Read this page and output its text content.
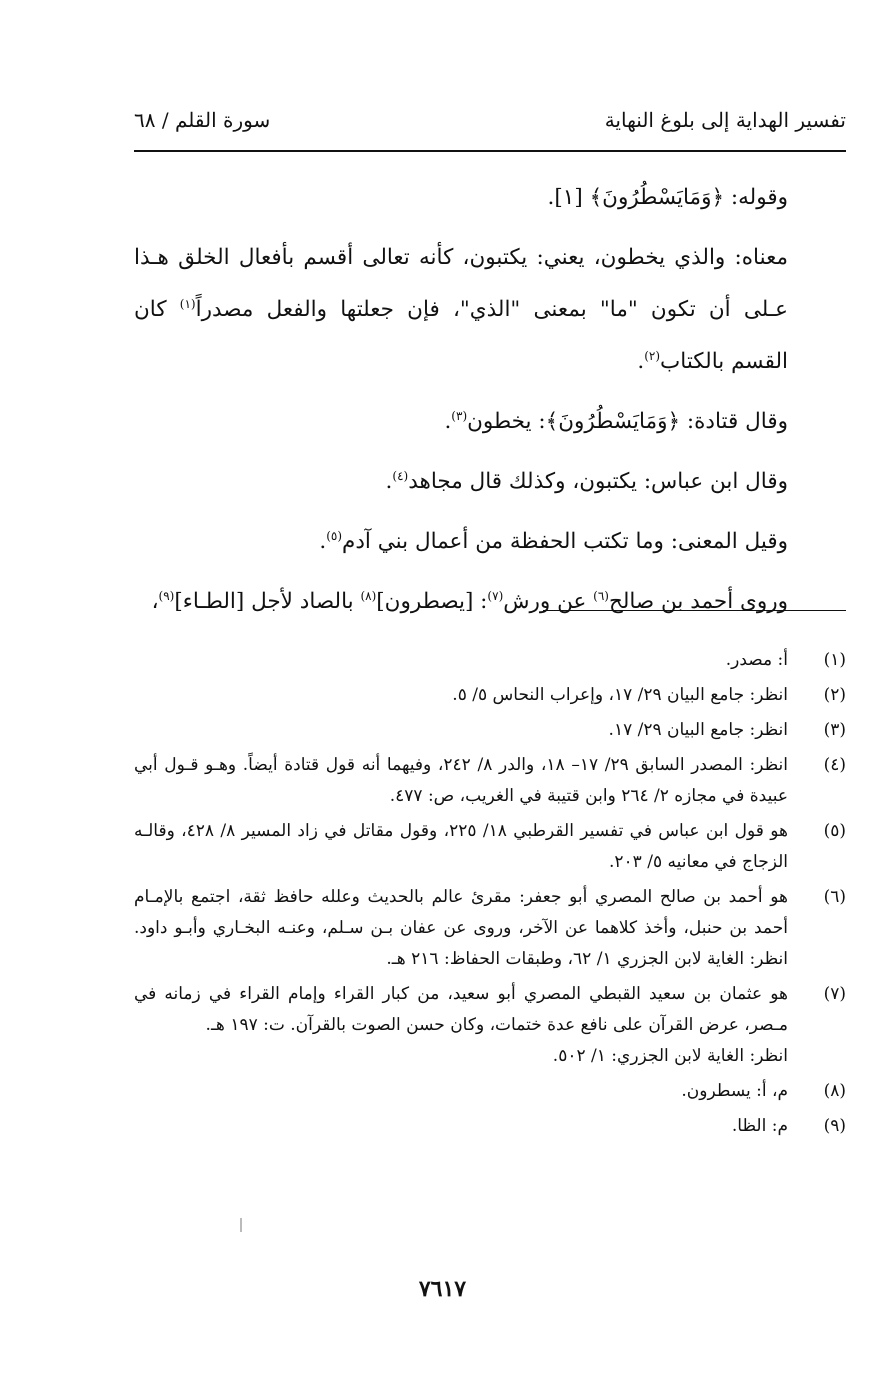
تفسير الهداية إلى بلوغ النهاية
سورة القلم / ٦٨

وقوله: ﴿وَمَايَسْطُرُونَ﴾ [١].

معناه: والذي يخطون، يعني: يكتبون، كأنه تعالى أقسم بأفعال الخلق هـذا عـلى أن تكون "ما" بمعنى "الذي"، فإن جعلتها والفعل مصدراً$^{(١)}$ كان القسم بالكتاب$^{(٢)}$.

وقال قتادة: ﴿وَمَايَسْطُرُونَ﴾: يخطون$^{(٣)}$.

وقال ابن عباس: يكتبون، وكذلك قال مجاهد$^{(٤)}$.

وقيل المعنى: وما تكتب الحفظة من أعمال بني آدم$^{(٥)}$.

وروى أحمد بن صالح$^{(٦)}$ عن ورش$^{(٧)}$: [يصطرون]$^{(٨)}$ بالصاد لأجل [الطـاء]$^{(٩)}$،

(١)
أ: مصدر.
(٢)
انظر: جامع البيان ٢٩/ ١٧، وإعراب النحاس ٥/ ٥.
(٣)
انظر: جامع البيان ٢٩/ ١٧.
(٤)
انظر: المصدر السابق ٢٩/ ١٧– ١٨، والدر ٨/ ٢٤٢، وفيهما أنه قول قتادة أيضاً. وهـو قـول أبي عبيدة في مجازه ٢/ ٢٦٤ وابن قتيبة في الغريب، ص: ٤٧٧.
(٥)
هو قول ابن عباس في تفسير القرطبي ١٨/ ٢٢٥، وقول مقاتل في زاد المسير ٨/ ٤٢٨، وقالـه الزجاج في معانيه ٥/ ٢٠٣.
(٦)
هو أحمد بن صالح المصري أبو جعفر: مقرئ عالم بالحديث وعلله حافظ ثقة، اجتمع بالإمـام أحمد بن حنبل، وأخذ كلاهما عن الآخر، وروى عن عفان بـن سـلم، وعنـه البخـاري وأبـو داود. انظر: الغاية لابن الجزري ١/ ٦٢، وطبقات الحفاظ: ٢١٦ هـ.
(٧)
هو عثمان بن سعيد القبطي المصري أبو سعيد، من كبار القراء وإمام القراء في زمانه في مـصر، عرض القرآن على نافع عدة ختمات، وكان حسن الصوت بالقرآن. ت: ١٩٧ هـ.
انظر: الغاية لابن الجزري: ١/ ٥٠٢.
(٨)
م، أ: يسطرون.
(٩)
م: الظا.
٧٦١٧
